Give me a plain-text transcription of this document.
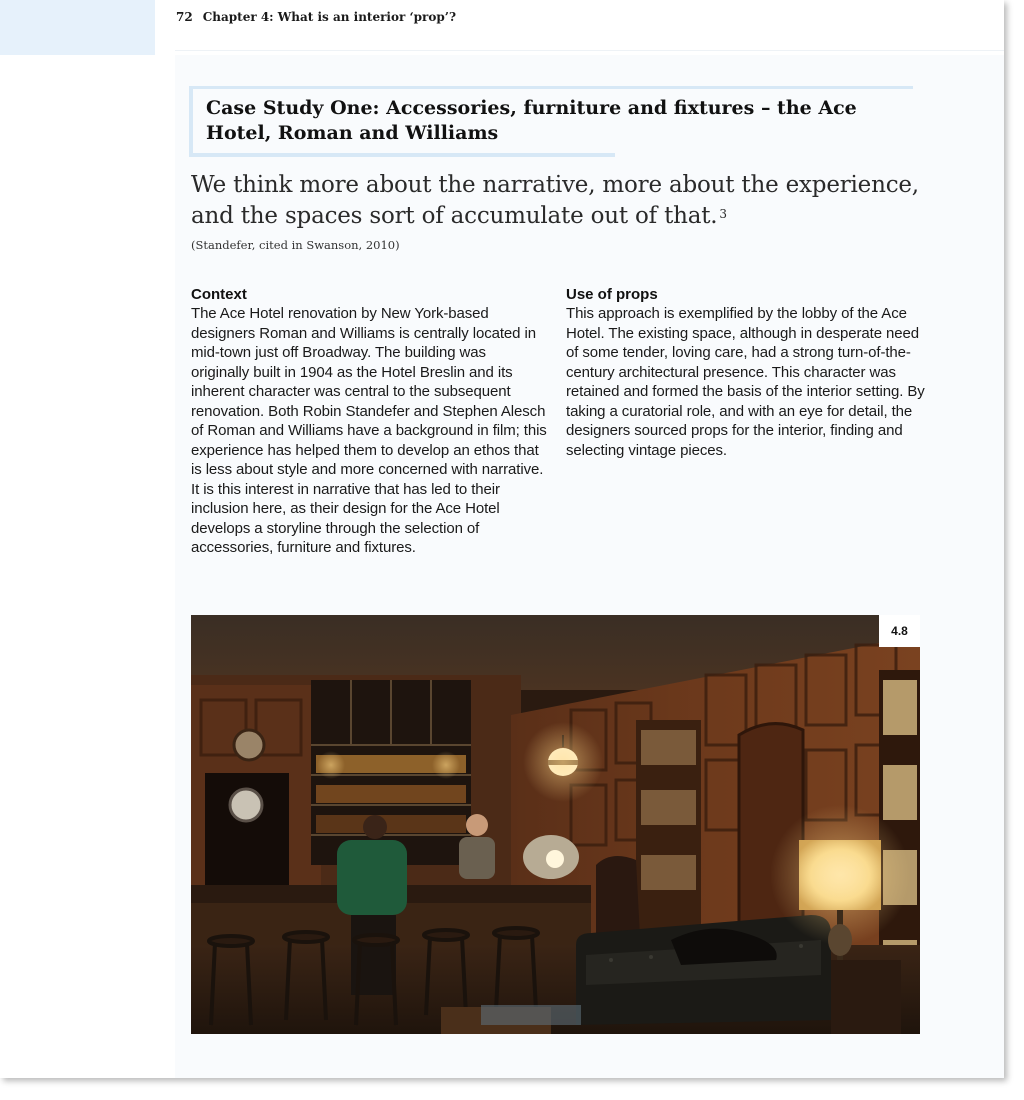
72 Chapter 4: What is an interior ‘prop’?
Case Study One: Accessories, furniture and fixtures – the Ace Hotel, Roman and Williams

We think more about the narrative, more about the experience, and the spaces sort of accumulate out of that. $^3$

(Standefer, cited in Swanson, 2010)
Context

The Ace Hotel renovation by New York-based designers Roman and Williams is centrally located in mid-town just off Broadway. The building was originally built in 1904 as the Hotel Breslin and its inherent character was central to the subsequent renovation. Both Robin Standefer and Stephen Alesch of Roman and Williams have a background in film; this experience has helped them to develop an ethos that is less about style and more concerned with narrative. It is this interest in narrative that has led to their inclusion here, as their design for the Ace Hotel develops a storyline through the selection of accessories, furniture and fixtures.

Use of props

This approach is exemplified by the lobby of the Ace Hotel. The existing space, although in desperate need of some tender, loving care, had a strong turn-of-the-century architectural presence. This character was retained and formed the basis of the interior setting. By taking a curatorial role, and with an eye for detail, the designers sourced props for the interior, finding and selecting vintage pieces.

4.8
